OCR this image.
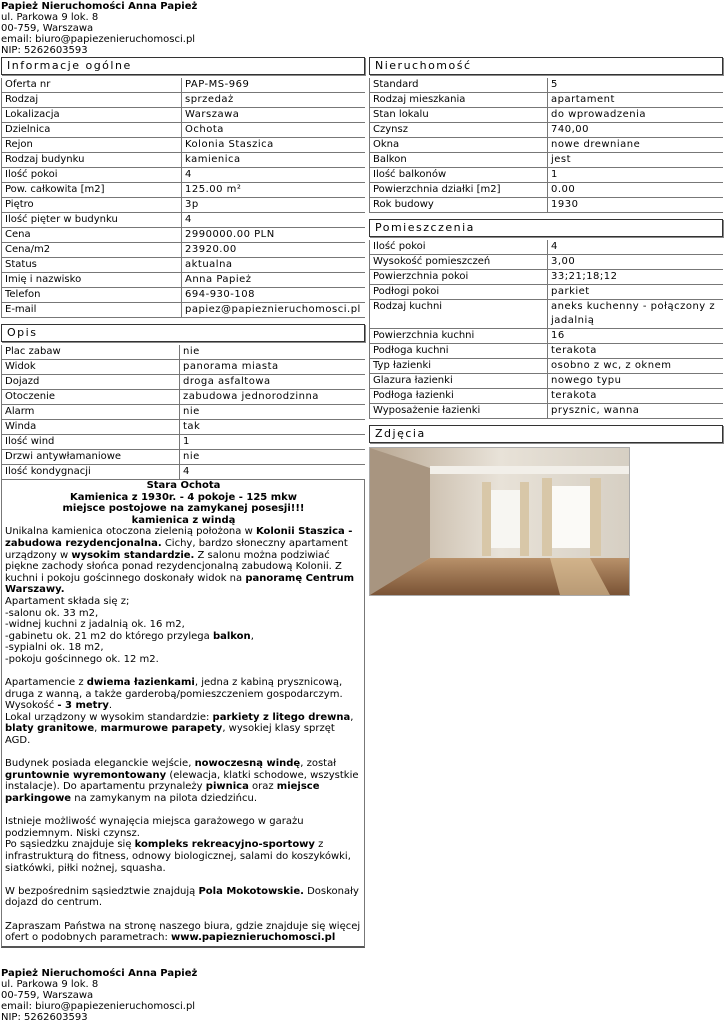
Papież Nieruchomości Anna Papież
ul. Parkowa 9 lok. 8
00-759, Warszawa
email: biuro@papiezenieruchomosci.pl
NIP: 5262603593
Informacje ogólne
Oferta nr	PAP-MS-969
Rodzaj	sprzedaż
Lokalizacja	Warszawa
Dzielnica	Ochota
Rejon	Kolonia Staszica
Rodzaj budynku	kamienica
Ilość pokoi	4
Pow. całkowita [m2]	125.00 m²
Piętro	3p
Ilość pięter w budynku	4
Cena	2990000.00 PLN
Cena/m2	23920.00
Status	aktualna
Imię i nazwisko	Anna Papież
Telefon	694-930-108
E-mail	papiez@papieznieruchomosci.pl
Opis
Plac zabaw	nie
Widok	panorama miasta
Dojazd	droga asfaltowa
Otoczenie	zabudowa jednorodzinna
Alarm	nie
Winda	tak
Ilość wind	1
Drzwi antywłamaniowe	nie
Ilość kondygnacji	4
Stara Ochota
Kamienica z 1930r. - 4 pokoje - 125 mkw
miejsce postojowe na zamykanej posesji!!!
kamienica z windą

Unikalna kamienica otoczona zielenią położona w Kolonii Staszica - zabudowa rezydencjonalna. Cichy, bardzo słoneczny apartament urządzony w wysokim standardzie. Z salonu można podziwiać piękne zachody słońca ponad rezydencjonalną zabudową Kolonii. Z kuchni i pokoju gościnnego doskonały widok na panoramę Centrum Warszawy.

Apartament składa się z;

-salonu ok. 33 m2,

-widnej kuchni z jadalnią ok. 16 m2,

-gabinetu ok. 21 m2 do którego przylega balkon,

-sypialni ok. 18 m2,

-pokoju gościnnego ok. 12 m2.

Apartamencie z dwiema łazienkami, jedna z kabiną prysznicową, druga z wanną, a także garderobą/pomieszczeniem gospodarczym.

Wysokość - 3 metry.

Lokal urządzony w wysokim standardzie: parkiety z litego drewna, blaty granitowe, marmurowe parapety, wysokiej klasy sprzęt AGD.

Budynek posiada eleganckie wejście, nowoczesną windę, został gruntownie wyremontowany (elewacja, klatki schodowe, wszystkie instalacje). Do apartamentu przynależy piwnica oraz miejsce parkingowe na zamykanym na pilota dziedzińcu.

Istnieje możliwość wynajęcia miejsca garażowego w garażu podziemnym. Niski czynsz.

Po sąsiedzku znajduje się kompleks rekreacyjno-sportowy z infrastrukturą do fitness, odnowy biologicznej, salami do koszykówki, siatkówki, piłki nożnej, squasha.

W bezpośrednim sąsiedztwie znajdują Pola Mokotowskie. Doskonały dojazd do centrum.

Zapraszam Państwa na stronę naszego biura, gdzie znajduje się więcej ofert o podobnych parametrach: www.papieznieruchomosci.pl

Nieruchomość
Standard	5
Rodzaj mieszkania	apartament
Stan lokalu	do wprowadzenia
Czynsz	740,00
Okna	nowe drewniane
Balkon	jest
Ilość balkonów	1
Powierzchnia działki [m2]	0.00
Rok budowy	1930
Pomieszczenia
Ilość pokoi	4
Wysokość pomieszczeń	3,00
Powierzchnia pokoi	33;21;18;12
Podłogi pokoi	parkiet
Rodzaj kuchni	aneks kuchenny - połączony z jadalnią
Powierzchnia kuchni	16
Podłoga kuchni	terakota
Typ łazienki	osobno z wc, z oknem
Glazura łazienki	nowego typu
Podłoga łazienki	terakota
Wyposażenie łazienki	prysznic, wanna
Zdjęcia
Papież Nieruchomości Anna Papież
ul. Parkowa 9 lok. 8
00-759, Warszawa
email: biuro@papiezenieruchomosci.pl
NIP: 5262603593
